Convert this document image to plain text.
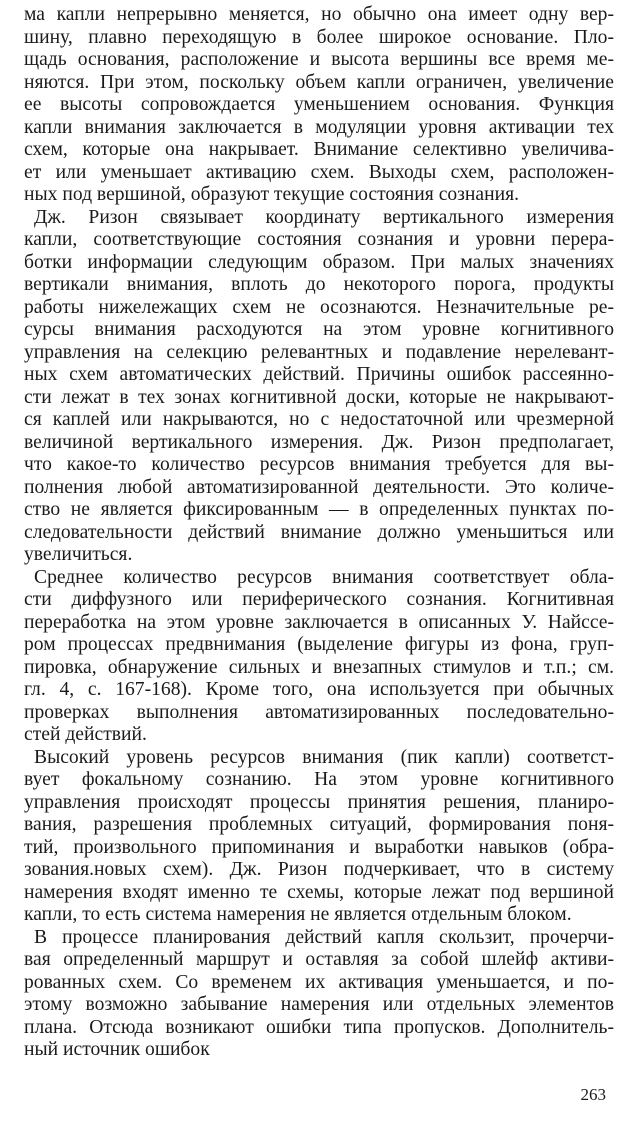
ма капли непрерывно меняется, но обычно она имеет одну вер-
шину, плавно переходящую в более широкое основание. Пло-
щадь основания, расположение и высота вершины все время ме-
няются. При этом, поскольку объем капли ограничен, увеличение
ее высоты сопровождается уменьшением основания. Функция
капли внимания заключается в модуляции уровня активации тех
схем, которые она накрывает. Внимание селективно увеличива-
ет или уменьшает активацию схем. Выходы схем, расположен-
ных под вершиной, образуют текущие состояния сознания.
Дж. Ризон связывает координату вертикального измерения
капли, соответствующие состояния сознания и уровни перера-
ботки информации следующим образом. При малых значениях
вертикали внимания, вплоть до некоторого порога, продукты
работы нижележащих схем не осознаются. Незначительные ре-
сурсы внимания расходуются на этом уровне когнитивного
управления на селекцию релевантных и подавление нерелевант-
ных схем автоматических действий. Причины ошибок рассеянно-
сти лежат в тех зонах когнитивной доски, которые не накрывают-
ся каплей или накрываются, но с недостаточной или чрезмерной
величиной вертикального измерения. Дж. Ризон предполагает,
что какое-то количество ресурсов внимания требуется для вы-
полнения любой автоматизированной деятельности. Это количе-
ство не является фиксированным — в определенных пунктах по-
следовательности действий внимание должно уменьшиться или
увеличиться.
Среднее количество ресурсов внимания соответствует обла-
сти диффузного или периферического сознания. Когнитивная
переработка на этом уровне заключается в описанных У. Найссе-
ром процессах предвнимания (выделение фигуры из фона, груп-
пировка, обнаружение сильных и внезапных стимулов и т.п.; см.
гл. 4, с. 167-168). Кроме того, она используется при обычных
проверках выполнения автоматизированных последовательно-
стей действий.
Высокий уровень ресурсов внимания (пик капли) соответст-
вует фокальному сознанию. На этом уровне когнитивного
управления происходят процессы принятия решения, планиро-
вания, разрешения проблемных ситуаций, формирования поня-
тий, произвольного припоминания и выработки навыков (обра-
зования.новых схем). Дж. Ризон подчеркивает, что в систему
намерения входят именно те схемы, которые лежат под вершиной
капли, то есть система намерения не является отдельным блоком.
В процессе планирования действий капля скользит, прочерчи-
вая определенный маршрут и оставляя за собой шлейф активи-
рованных схем. Со временем их активация уменьшается, и по-
этому возможно забывание намерения или отдельных элементов
плана. Отсюда возникают ошибки типа пропусков. Дополнитель-
ный источник ошибок
263
